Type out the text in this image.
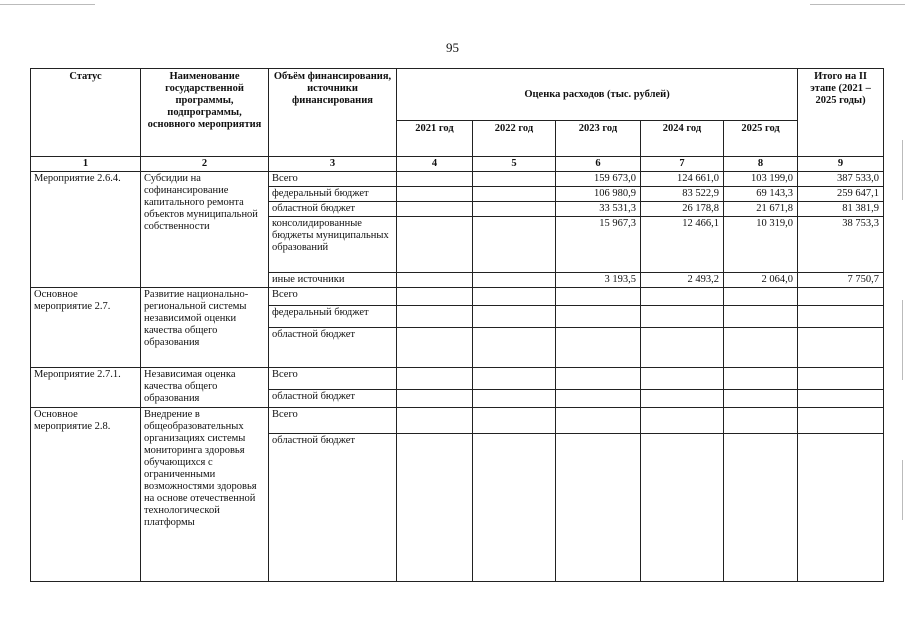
95
Статус	Наименование государственной программы, подпрограммы, основного мероприятия	Объём финансирования, источники финансирования	Оценка расходов (тыс. рублей)					Итого на II этапе (2021 – 2025 годы)
			2021 год	2022 год	2023 год	2024 год	2025 год	
1	2	3	4	5	6	7	8	9
Мероприятие 2.6.4.	Субсидии на софинансирование капитального ремонта объектов муниципальной собственности	Всего			159 673,0	124 661,0	103 199,0	387 533,0
		федеральный бюджет			106 980,9	83 522,9	69 143,3	259 647,1
		областной бюджет			33 531,3	26 178,8	21 671,8	81 381,9
		консолидированные бюджеты муниципальных образований			15 967,3	12 466,1	10 319,0	38 753,3
		иные источники			3 193,5	2 493,2	2 064,0	7 750,7
Основное мероприятие 2.7.	Развитие национально-региональной системы независимой оценки качества общего образования	Всего						
		федеральный бюджет						
		областной бюджет						
Мероприятие 2.7.1.	Независимая оценка качества общего образования	Всего						
		областной бюджет						
Основное мероприятие 2.8.	Внедрение в общеобразовательных организациях системы мониторинга здоровья обучающихся с ограниченными возможностями здоровья на основе отечественной технологической платформы	Всего						
		областной бюджет						
